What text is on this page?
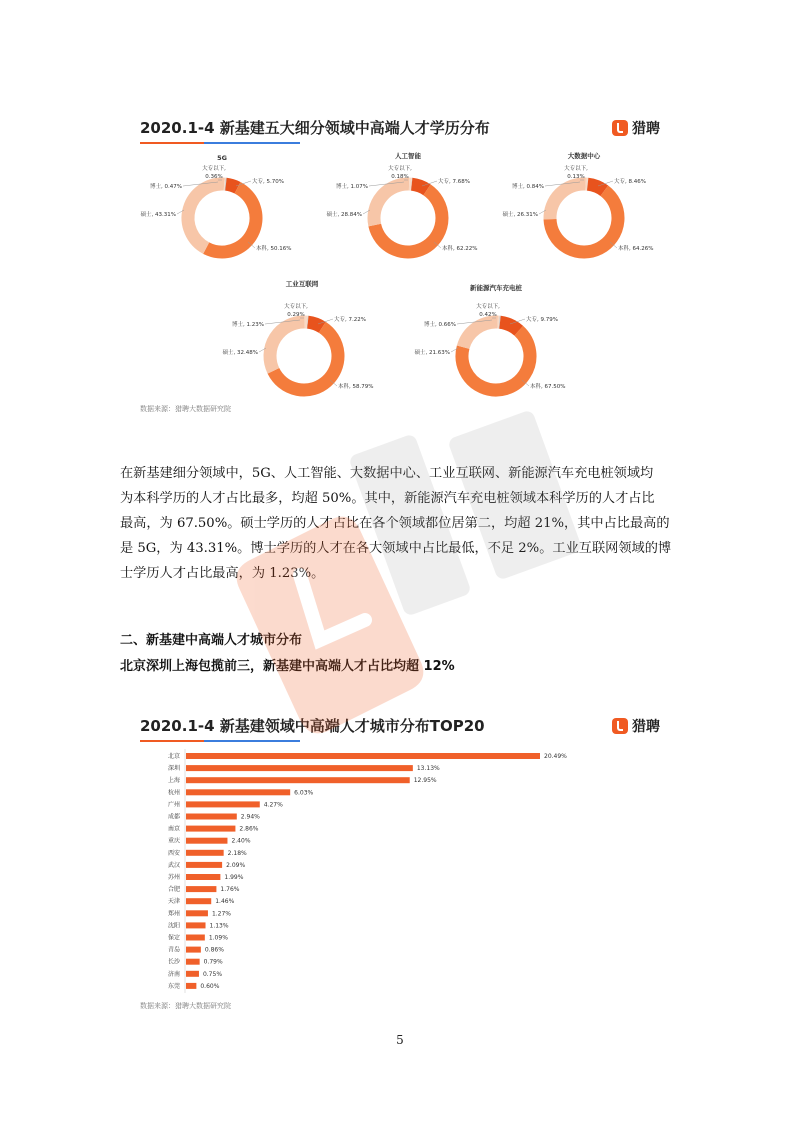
2020.1-4 新基建五大细分领域中高端人才学历分布	猎聘
5G
大专以下,
0.36%
博士, 0.47%
大专, 5.70%
硕士, 43.31%
本科, 50.16%
人工智能
大专以下,
0.18%
博士, 1.07%
大专, 7.68%
硕士, 28.84%
本科, 62.22%
大数据中心
大专以下,
0.13%
博士, 0.84%
大专, 8.46%
硕士, 26.31%
本科, 64.26%
工业互联网
大专以下,
0.29%
博士, 1.23%
大专, 7.22%
硕士, 32.48%
本科, 58.79%
新能源汽车充电桩
大专以下,
0.42%
博士, 0.66%
大专, 9.79%
硕士, 21.63%
本科, 67.50%
数据来源：猎聘大数据研究院

在新基建细分领域中，5G、人工智能、大数据中心、工业互联网、新能源汽车充电桩领域均

为本科学历的人才占比最多，均超 50%。其中，新能源汽车充电桩领域本科学历的人才占比

最高，为 67.50%。硕士学历的人才占比在各个领域都位居第二，均超 21%，其中占比最高的

是 5G，为 43.31%。博士学历的人才在各大领域中占比最低，不足 2%。工业互联网领域的博

士学历人才占比最高，为 1.23%。

二、新基建中高端人才城市分布
北京深圳上海包揽前三，新基建中高端人才占比均超 12%
2020.1-4 新基建领域中高端人才城市分布TOP20	猎聘
北京	20.49%
深圳	13.13%
上海	12.95%
杭州	6.03%
广州	4.27%
成都	2.94%
南京	2.86%
重庆	2.40%
西安	2.18%
武汉	2.09%
苏州	1.99%
合肥	1.76%
天津	1.46%
郑州	1.27%
沈阳	1.13%
保定	1.09%
青岛	0.86%
长沙	0.79%
济南	0.75%
东莞	0.60%
数据来源：猎聘大数据研究院
5
